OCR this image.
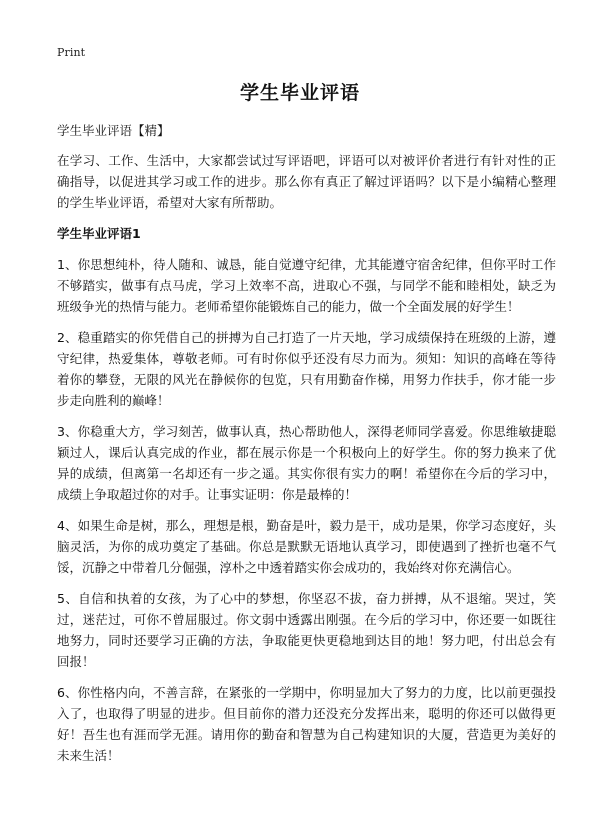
Print
学生毕业评语
学生毕业评语【精】

在学习、工作、生活中，大家都尝试过写评语吧，评语可以对被评价者进行有针对性的正确指导，以促进其学习或工作的进步。那么你有真正了解过评语吗？以下是小编精心整理的学生毕业评语，希望对大家有所帮助。

学生毕业评语1

1、你思想纯朴，待人随和、诚恳，能自觉遵守纪律，尤其能遵守宿舍纪律，但你平时工作不够踏实，做事有点马虎，学习上效率不高，进取心不强，与同学不能和睦相处，缺乏为班级争光的热情与能力。老师希望你能锻炼自己的能力，做一个全面发展的好学生！

2、稳重踏实的你凭借自己的拼搏为自己打造了一片天地，学习成绩保持在班级的上游，遵守纪律，热爱集体，尊敬老师。可有时你似乎还没有尽力而为。须知：知识的高峰在等待着你的攀登，无限的风光在静候你的包览，只有用勤奋作梯，用努力作扶手，你才能一步步走向胜利的巅峰！

3、你稳重大方，学习刻苦，做事认真，热心帮助他人，深得老师同学喜爱。你思维敏捷聪颖过人，课后认真完成的作业，都在展示你是一个积极向上的好学生。你的努力换来了优异的成绩，但离第一名却还有一步之遥。其实你很有实力的啊！希望你在今后的学习中，成绩上争取超过你的对手。让事实证明：你是最棒的！

4、如果生命是树，那么，理想是根，勤奋是叶，毅力是干，成功是果，你学习态度好，头脑灵活，为你的成功奠定了基础。你总是默默无语地认真学习，即使遇到了挫折也毫不气馁，沉静之中带着几分倔强，淳朴之中透着踏实你会成功的，我始终对你充满信心。

5、自信和执着的女孩，为了心中的梦想，你坚忍不拔，奋力拼搏，从不退缩。哭过，笑过，迷茫过，可你不曾屈服过。你文弱中透露出刚强。在今后的学习中，你还要一如既往地努力，同时还要学习正确的方法，争取能更快更稳地到达目的地！努力吧，付出总会有回报！

6、你性格内向，不善言辞，在紧张的一学期中，你明显加大了努力的力度，比以前更强投入了，也取得了明显的进步。但目前你的潜力还没充分发挥出来，聪明的你还可以做得更好！吾生也有涯而学无涯。请用你的勤奋和智慧为自己构建知识的大厦，营造更为美好的未来生活！
